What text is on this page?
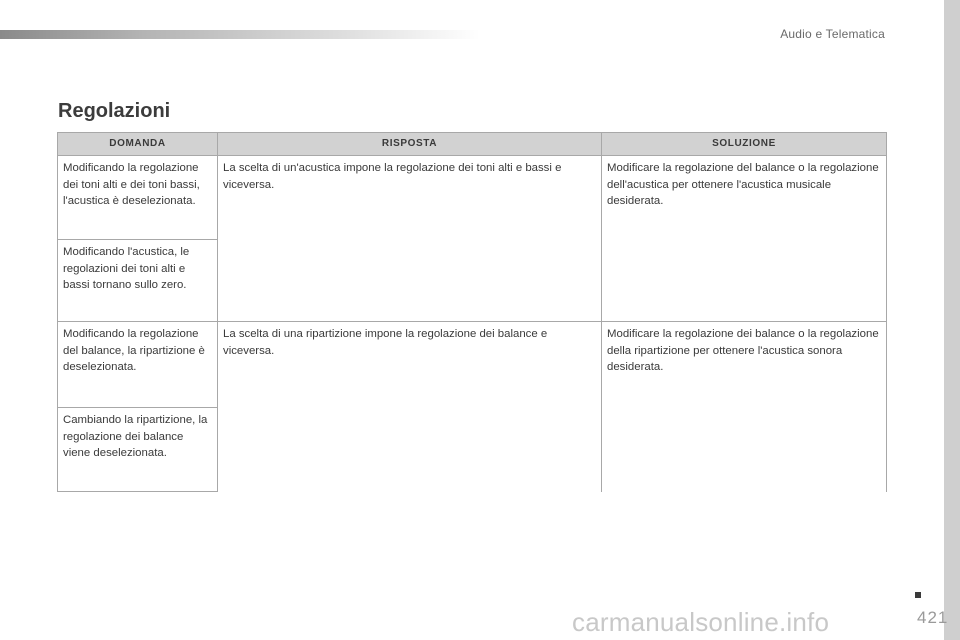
Audio e Telematica
Regolazioni
DOMANDA	RISPOSTA	SOLUZIONE
Modificando la regolazione dei toni alti e dei toni bassi, l'acustica è deselezionata.	La scelta di un'acustica impone la regolazione dei toni alti e bassi e viceversa.	Modificare la regolazione del balance o la regolazione dell'acustica per ottenere l'acustica musicale desiderata.
Modificando l'acustica, le regolazioni dei toni alti e bassi tornano sullo zero.		
Modificando la regolazione del balance, la ripartizione è deselezionata.	La scelta di una ripartizione impone la regolazione dei balance e viceversa.	Modificare la regolazione dei balance o la regolazione della ripartizione per ottenere l'acustica sonora desiderata.
Cambiando la ripartizione, la regolazione dei balance viene deselezionata.		
421
carmanualsonline.info
